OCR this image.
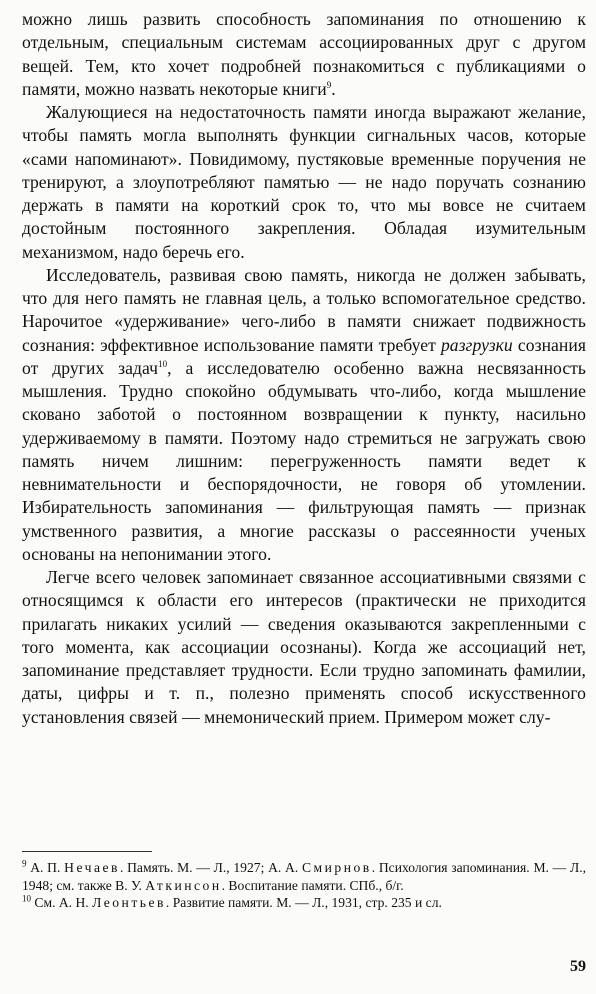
можно лишь развить способность запоминания по отношению к отдельным, специальным системам ассоциированных друг с другом вещей. Тем, кто хочет подробней познакомиться с публикациями о памяти, можно назвать некоторые книги$^9$.

Жалующиеся на недостаточность памяти иногда выражают желание, чтобы память могла выполнять функции сигнальных часов, которые «сами напоминают». Повидимому, пустяковые временные поручения не тренируют, а злоупотребляют памятью — не надо поручать сознанию держать в памяти на короткий срок то, что мы вовсе не считаем достойным постоянного закрепления. Обладая изумительным механизмом, надо беречь его.

Исследователь, развивая свою память, никогда не должен забывать, что для него память не главная цель, а только вспомогательное средство. Нарочитое «удерживание» чего-либо в памяти снижает подвижность сознания: эффективное использование памяти требует разгрузки сознания от других задач$^{10}$, а исследователю особенно важна несвязанность мышления. Трудно спокойно обдумывать что-либо, когда мышление сковано заботой о постоянном возвращении к пункту, насильно удерживаемому в памяти. Поэтому надо стремиться не загружать свою память ничем лишним: перегруженность памяти ведет к невнимательности и беспорядочности, не говоря об утомлении. Избирательность запоминания — фильтрующая память — признак умственного развития, а многие рассказы о рассеянности ученых основаны на непонимании этого.

Легче всего человек запоминает связанное ассоциативными связями с относящимся к области его интересов (практически не приходится прилагать никаких усилий — сведения оказываются закрепленными с того момента, как ассоциации осознаны). Когда же ассоциаций нет, запоминание представляет трудности. Если трудно запоминать фамилии, даты, цифры и т. п., полезно применять способ искусственного установления связей — мнемонический прием. Примером может слу-

$^9$ А. П. Нечаев. Память. М. — Л., 1927; А. А. Смирнов. Психология запоминания. М. — Л., 1948; см. также В. У. Аткинсон. Воспитание памяти. СПб., б/г.

$^{10}$ См. А. Н. Леонтьев. Развитие памяти. М. — Л., 1931, стр. 235 и сл.

59
